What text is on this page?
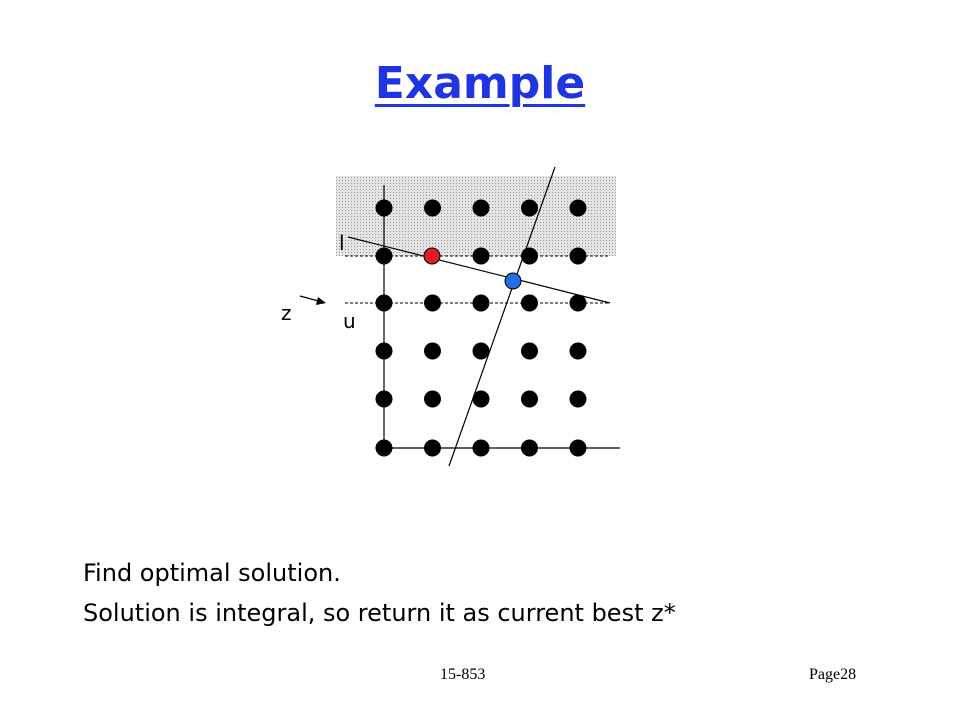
Example
l
u
z

Find optimal solution.

Solution is integral, so return it as current best z*

15-853	Page28
